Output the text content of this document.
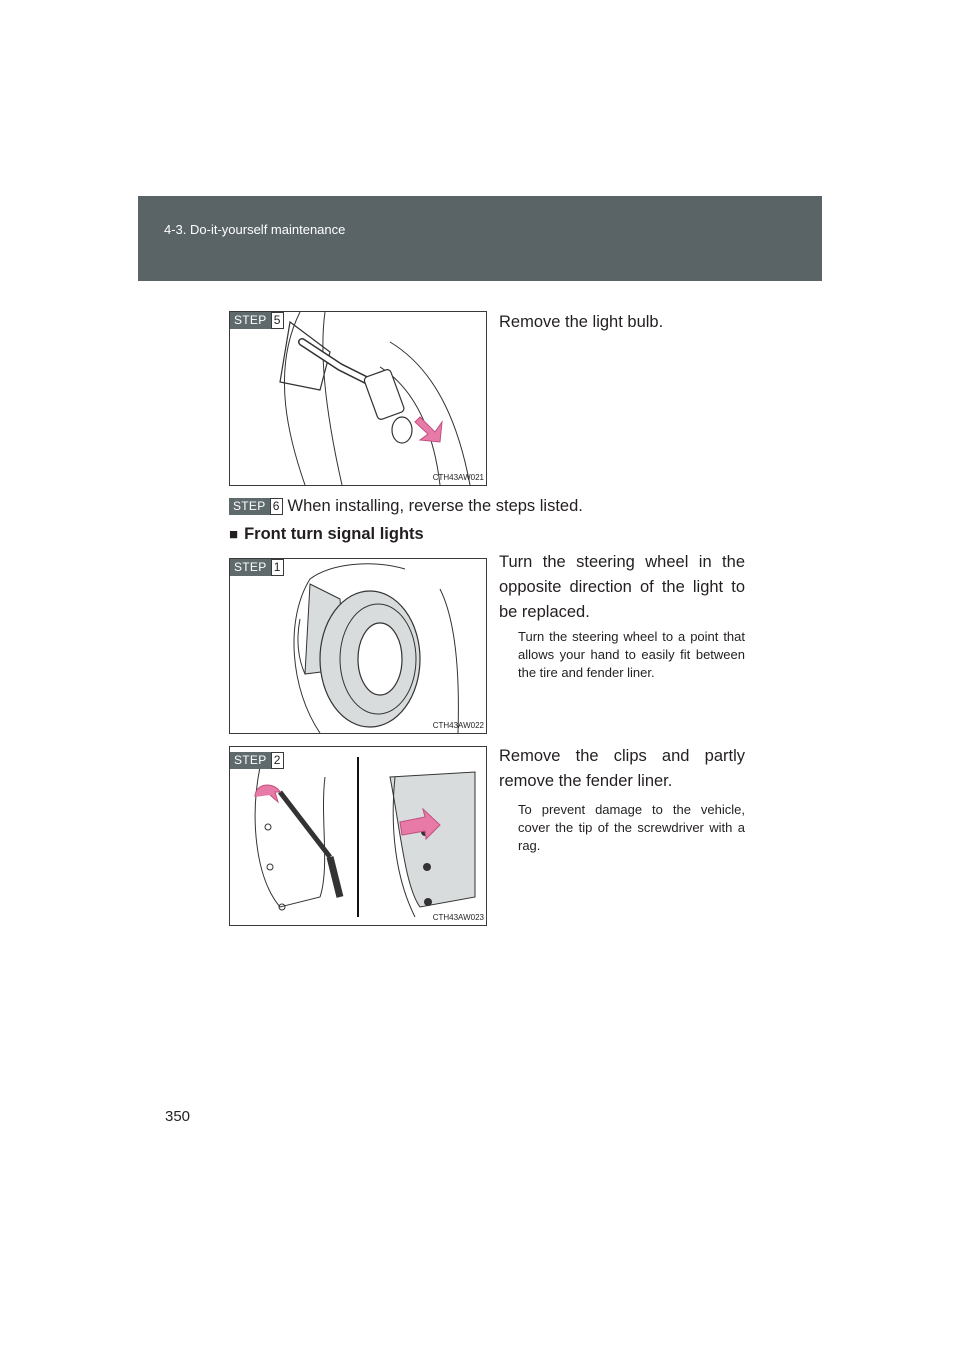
4-3. Do-it-yourself maintenance
STEP 5
CTH43AW021
Remove the light bulb.
STEP 6 When installing, reverse the steps listed.
■ Front turn signal lights
STEP 1
CTH43AW022
Turn the steering wheel in the opposite direction of the light to be replaced.
Turn the steering wheel to a point that allows your hand to easily fit between the tire and fender liner.
STEP 2
CTH43AW023
Remove the clips and partly remove the fender liner.
To prevent damage to the vehicle, cover the tip of the screwdriver with a rag.
350
